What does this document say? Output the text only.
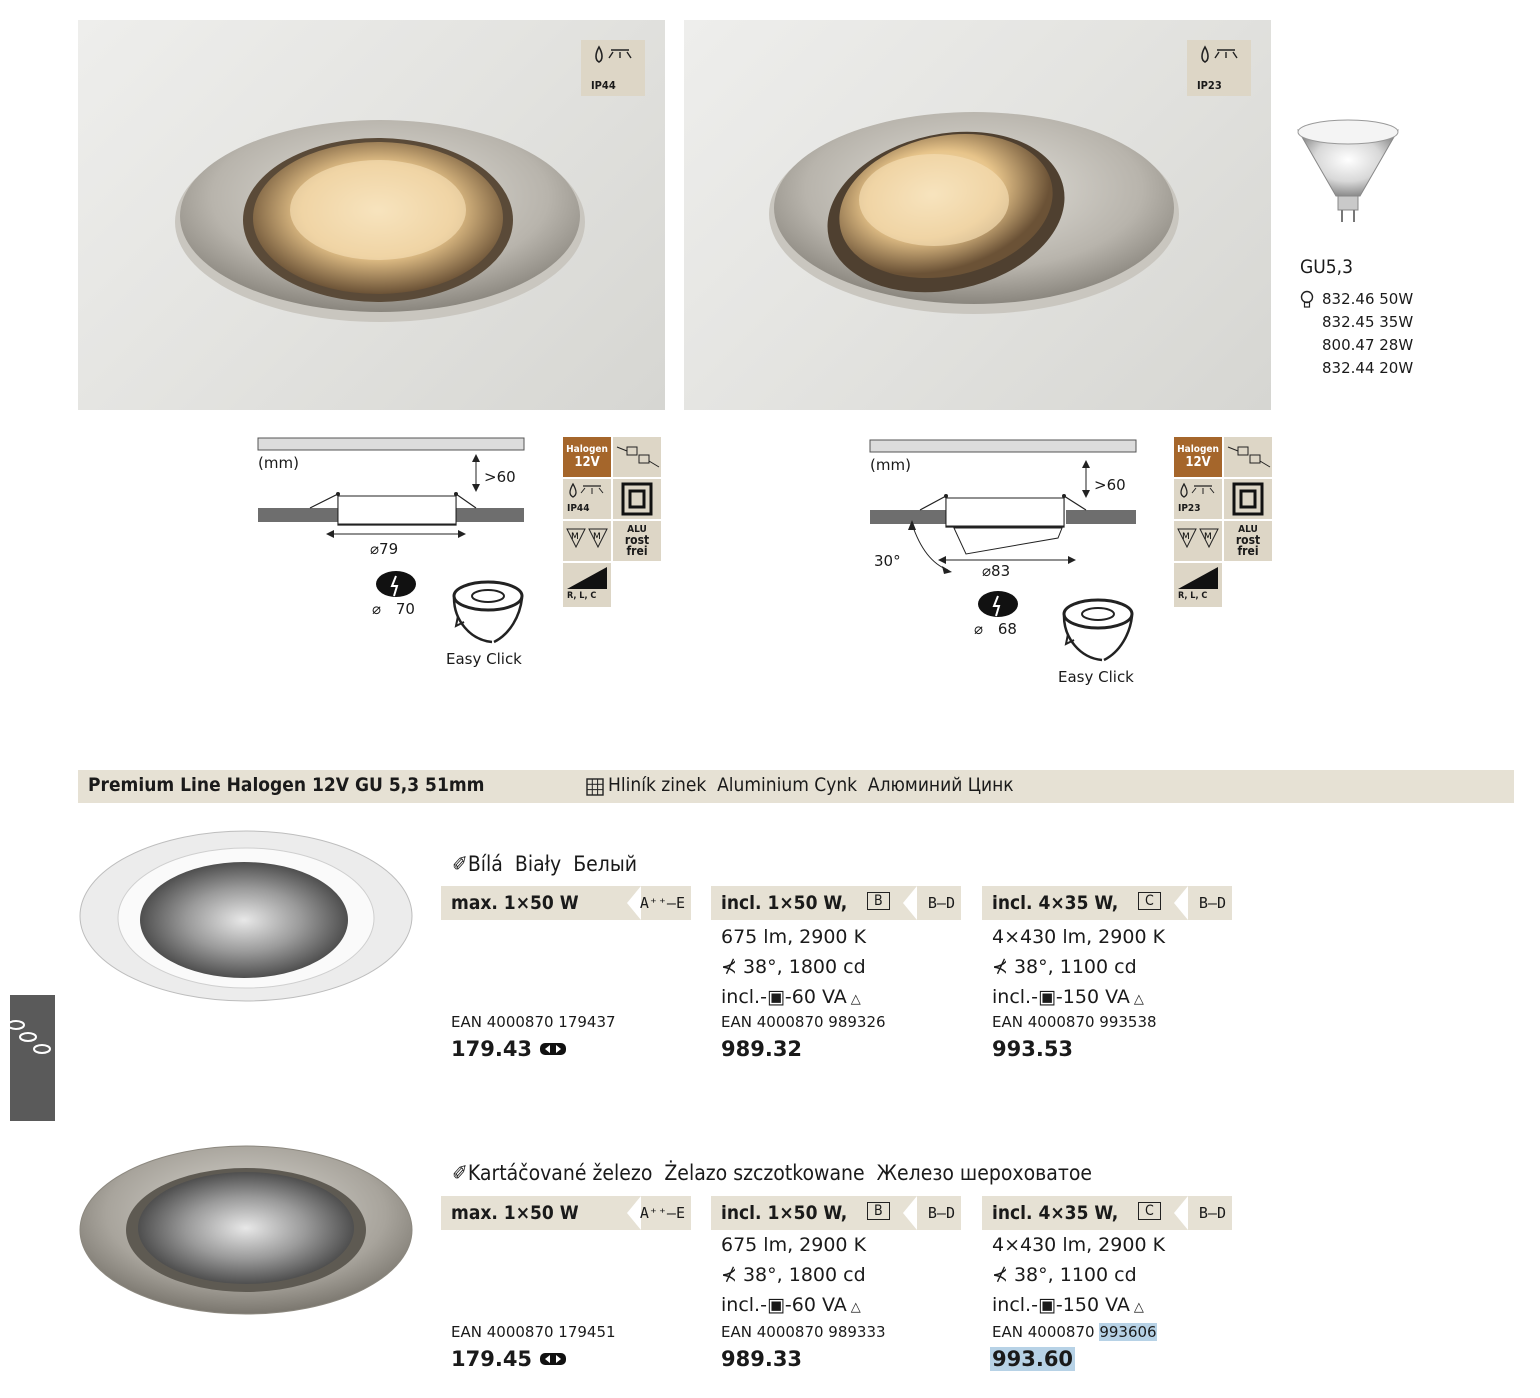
IP44	IP23
GU5,3
832.46 50W
832.45 35W
800.47 28W
832.44 20W
(mm)
>60
⌀79
⌀ 70
Easy Click
Halogen
12V
IP44
M M
ALU
rost
frei
R, L, C
(mm)
>60
30°
⌀83
⌀ 68
Easy Click
Halogen
12V
IP23
M M
ALU
rost
frei
R, L, C
Premium Line Halogen 12V GU 5,3 51mm	Hliník zinek  Aluminium Cynk  Алюминий Цинк

✐Bílá  Biały  Белый

max. 1×50 W	A⁺⁺–E
EAN 4000870 179437
179.43
incl. 1×50 W,	B	B–D
675 lm, 2900 K
⊀ 38°, 1800 cd
incl.-▣-60 VA △
EAN 4000870 989326
989.32
incl. 4×35 W,	C	B–D
4×430 lm, 2900 K
⊀ 38°, 1100 cd
incl.-▣-150 VA △
EAN 4000870 993538
993.53

✐Kartáčované železo  Żelazo szczotkowane  Железо шероховатое

max. 1×50 W	A⁺⁺–E
EAN 4000870 179451
179.45
incl. 1×50 W,	B	B–D
675 lm, 2900 K
⊀ 38°, 1800 cd
incl.-▣-60 VA △
EAN 4000870 989333
989.33
incl. 4×35 W,	C	B–D
4×430 lm, 2900 K
⊀ 38°, 1100 cd
incl.-▣-150 VA △
EAN 4000870 993606
993.60
